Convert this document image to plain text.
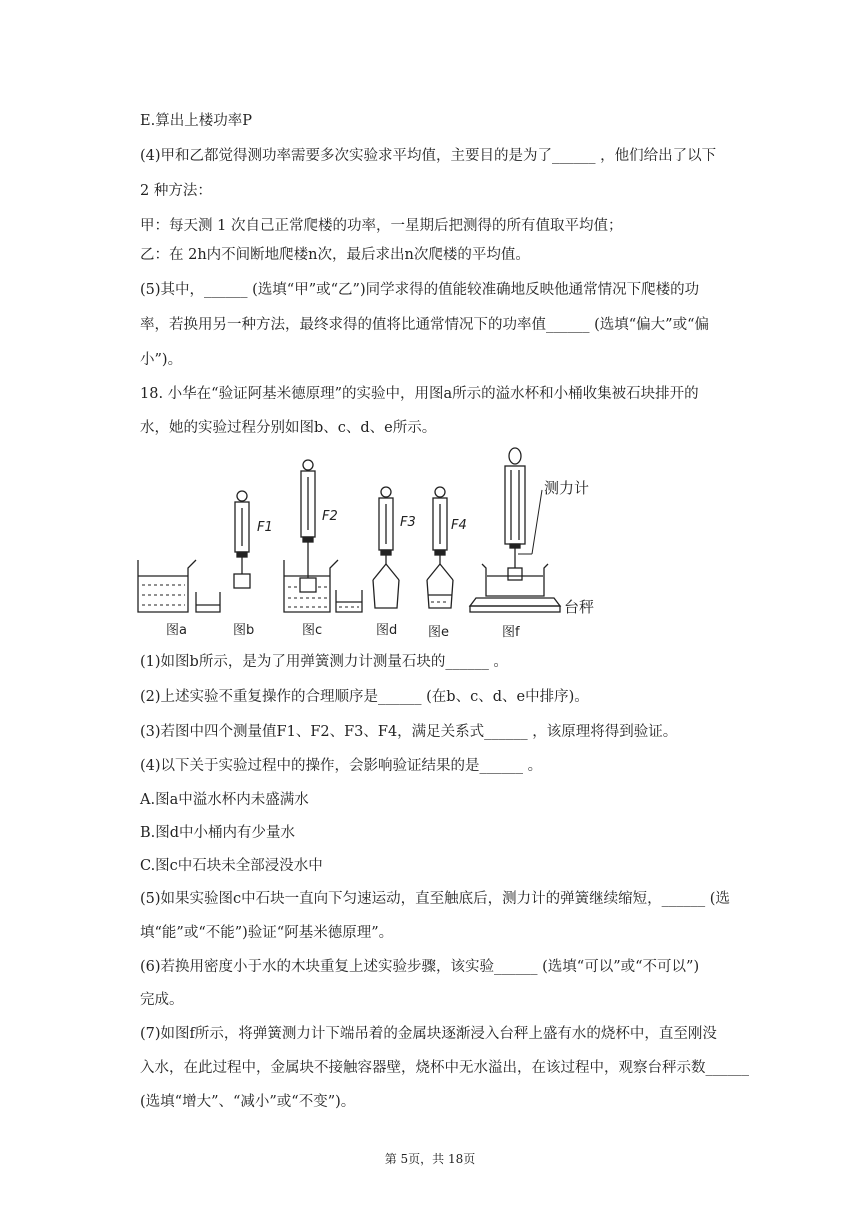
E.算出上楼功率P
(4)甲和乙都觉得测功率需要多次实验求平均值，主要目的是为了______ ，他们给出了以下
2 种方法：
甲：每天测 1 次自己正常爬楼的功率，一星期后把测得的所有值取平均值；
乙：在 2h内不间断地爬楼n次，最后求出n次爬楼的平均值。
(5)其中，______ (选填“甲”或“乙”)同学求得的值能较准确地反映他通常情况下爬楼的功
率，若换用另一种方法，最终求得的值将比通常情况下的功率值______ (选填“偏大”或“偏
小”)。
18. 小华在“验证阿基米德原理”的实验中，用图a所示的溢水杯和小桶收集被石块排开的
水，她的实验过程分别如图b、c、d、e所示。
F1
F2	F3	F4
测力计
台秤
图a	图b	图c	图d 图e	图f
(1)如图b所示，是为了用弹簧测力计测量石块的______ 。
(2)上述实验不重复操作的合理顺序是______ (在b、c、d、e中排序)。
(3)若图中四个测量值F1、F2、F3、F4，满足关系式______ ，该原理将得到验证。
(4)以下关于实验过程中的操作，会影响验证结果的是______ 。
A.图a中溢水杯内未盛满水
B.图d中小桶内有少量水
C.图c中石块未全部浸没水中
(5)如果实验图c中石块一直向下匀速运动，直至触底后，测力计的弹簧继续缩短，______ (选
填“能”或“不能”)验证“阿基米德原理”。
(6)若换用密度小于水的木块重复上述实验步骤，该实验______ (选填“可以”或“不可以”)
完成。
(7)如图f所示，将弹簧测力计下端吊着的金属块逐渐浸入台秤上盛有水的烧杯中，直至刚没
入水，在此过程中，金属块不接触容器壁，烧杯中无水溢出，在该过程中，观察台秤示数______
(选填“增大”、“减小”或“不变”)。
第 5页，共 18页
